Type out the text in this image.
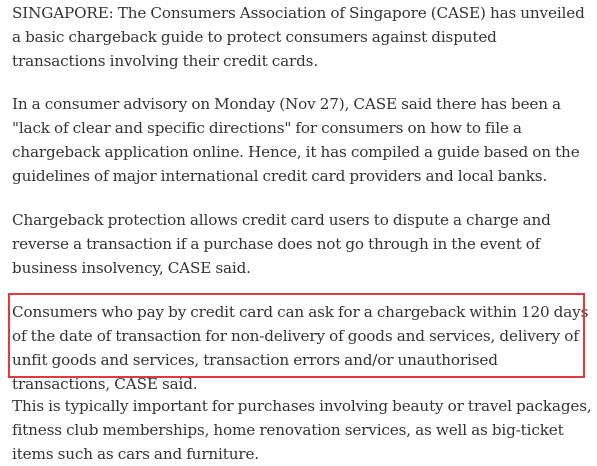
SINGAPORE: The Consumers Association of Singapore (CASE) has unveiled a basic chargeback guide to protect consumers against disputed transactions involving their credit cards.

In a consumer advisory on Monday (Nov 27), CASE said there has been a "lack of clear and specific directions" for consumers on how to file a chargeback application online. Hence, it has compiled a guide based on the guidelines of major international credit card providers and local banks.

Chargeback protection allows credit card users to dispute a charge and reverse a transaction if a purchase does not go through in the event of business insolvency, CASE said.

Consumers who pay by credit card can ask for a chargeback within 120 days of the date of transaction for non-delivery of goods and services, delivery of unfit goods and services, transaction errors and/or unauthorised transactions, CASE said.

This is typically important for purchases involving beauty or travel packages, fitness club memberships, home renovation services, as well as big-ticket items such as cars and furniture.
